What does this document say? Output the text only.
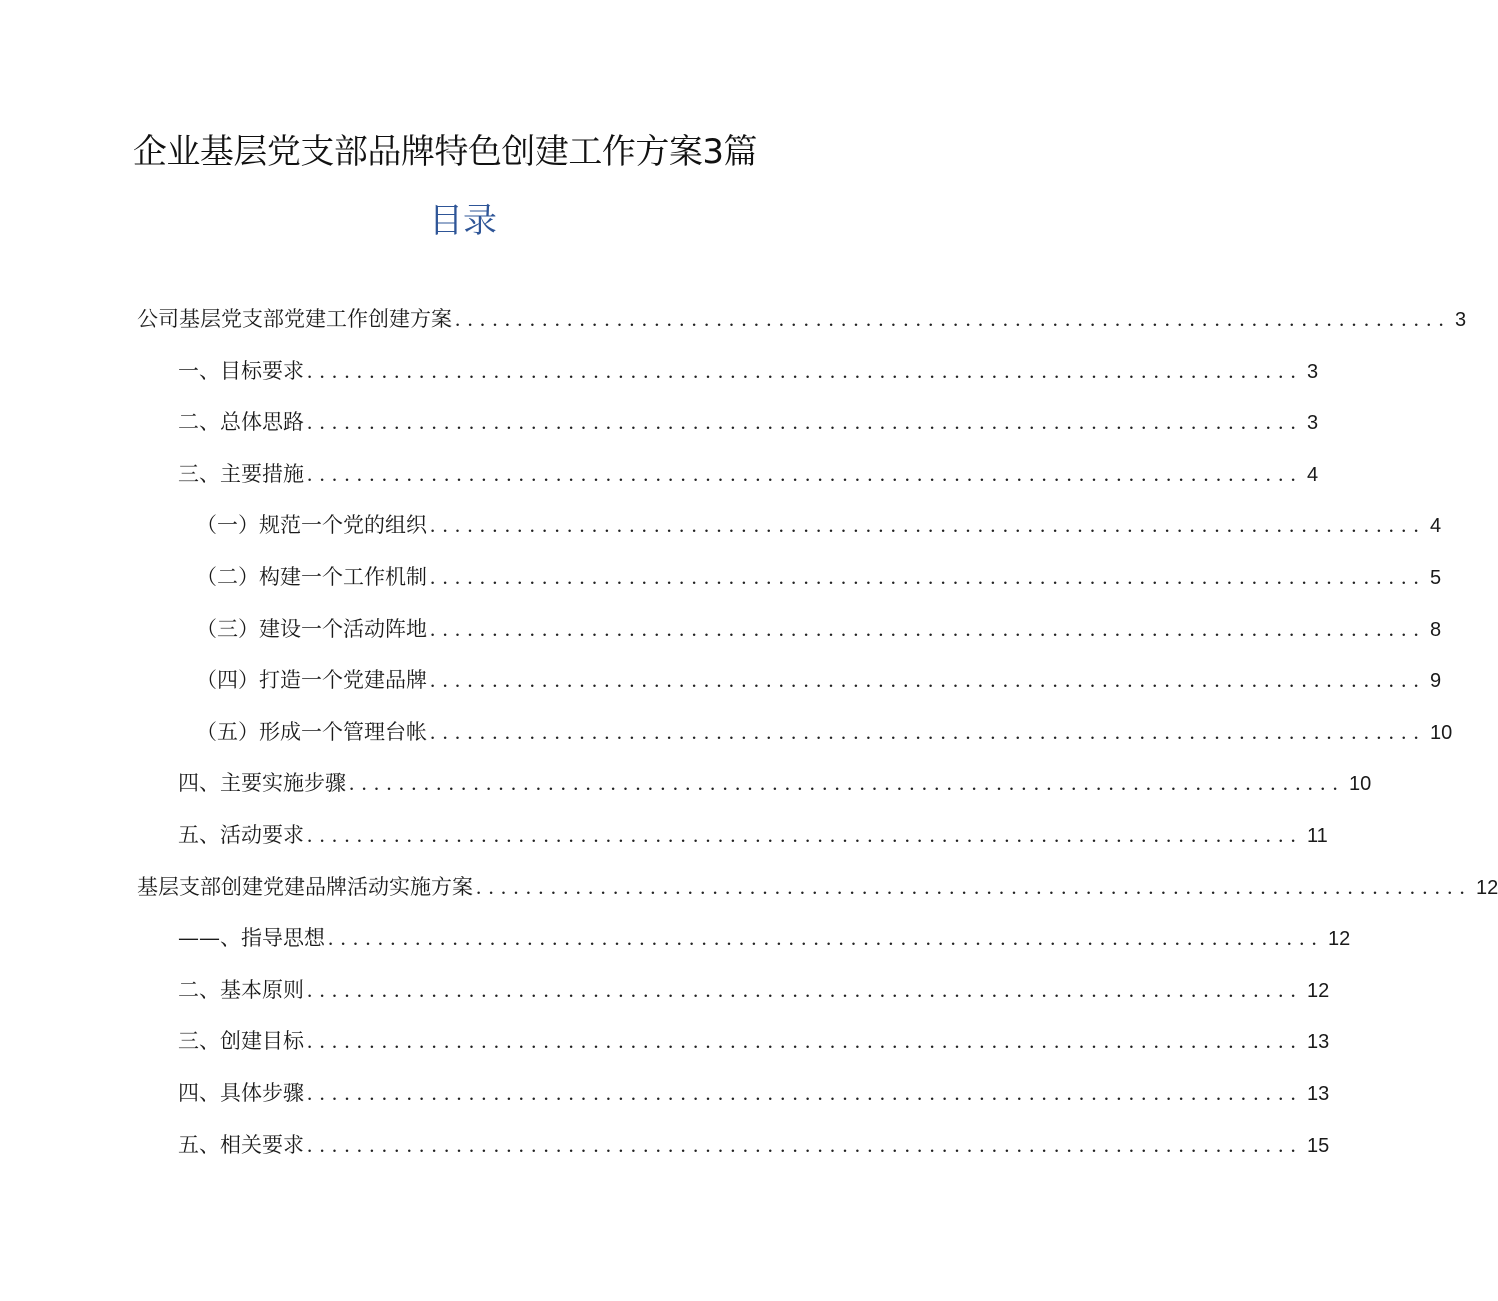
企业基层党支部品牌特色创建工作方案3篇
目录
公司基层党支部党建工作创建方案 ................................................................................ 3
一、目标要求 ................................................................................ 3
二、总体思路 ................................................................................ 3
三、主要措施 ................................................................................ 4
（一）规范一个党的组织 ................................................................................ 4
（二）构建一个工作机制 ................................................................................ 5
（三）建设一个活动阵地 ................................................................................ 8
（四）打造一个党建品牌 ................................................................................ 9
（五）形成一个管理台帐 ................................................................................ 10
四、主要实施步骤 ................................................................................ 10
五、活动要求 ................................................................................ 11
基层支部创建党建品牌活动实施方案 ................................................................................ 12
——、指导思想 ................................................................................ 12
二、基本原则 ................................................................................ 12
三、创建目标 ................................................................................ 13
四、具体步骤 ................................................................................ 13
五、相关要求 ................................................................................ 15
